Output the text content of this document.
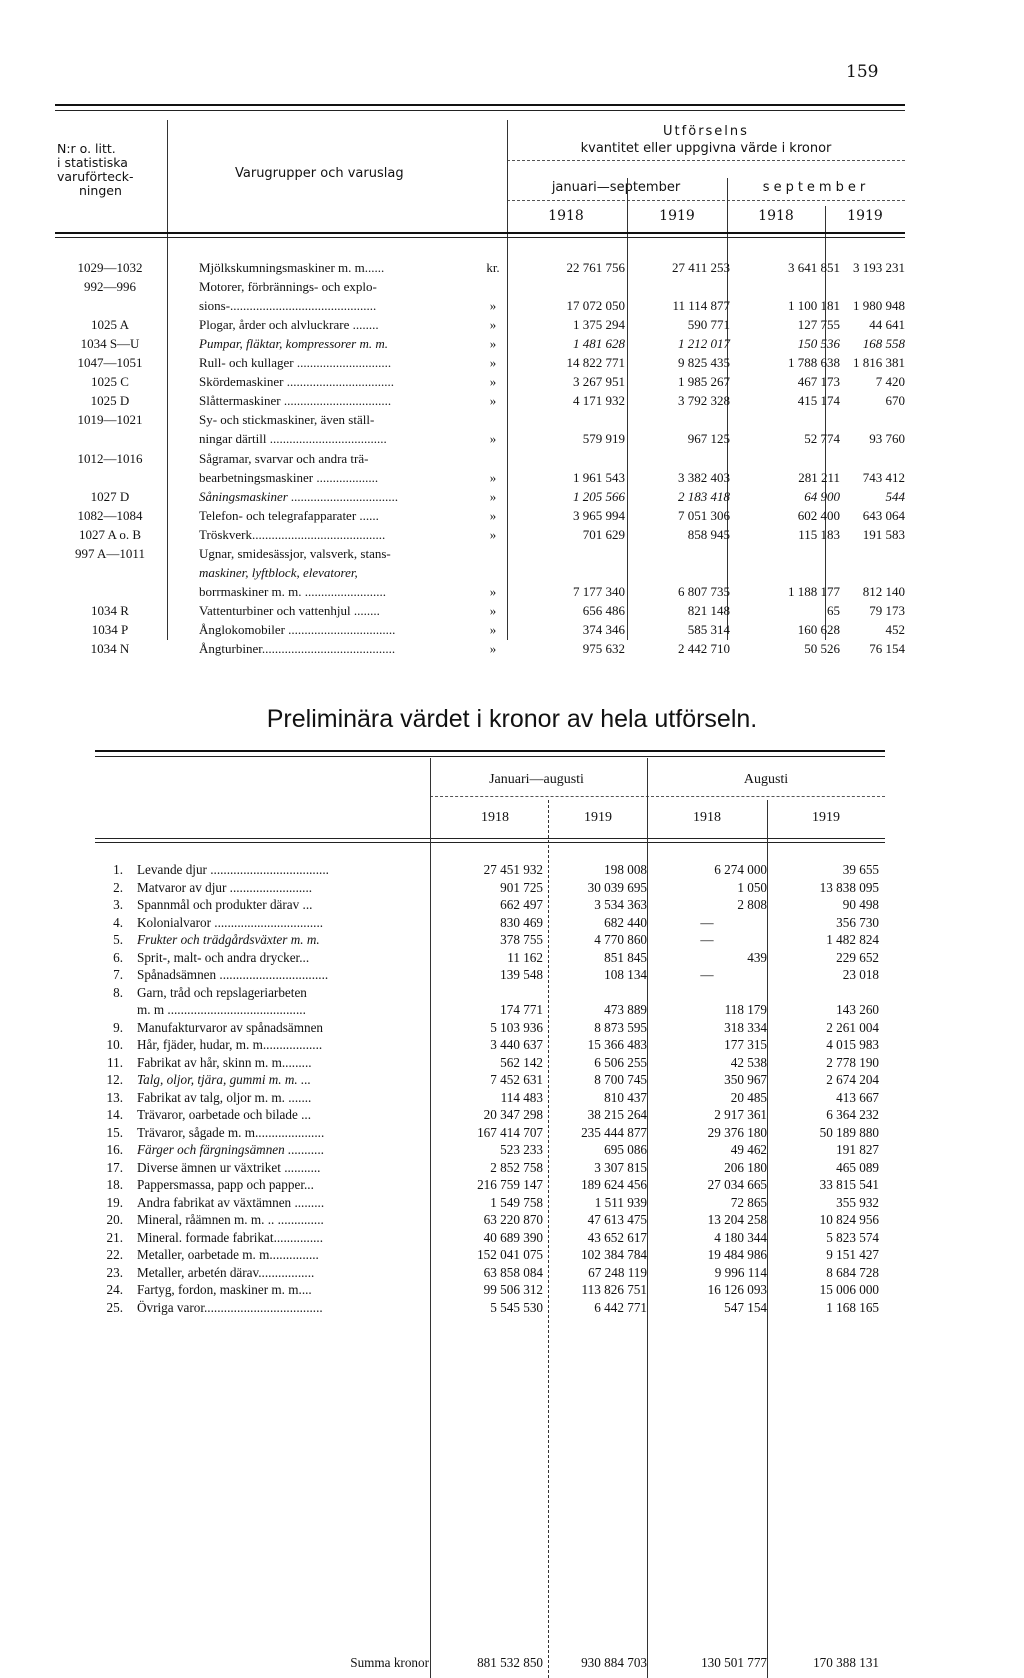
159
N:r o. litt.
i statistiska
varuförteck-
ningen
Varugrupper och varuslag
Utförselns
kvantitet eller uppgivna värde i kronor
januari—september	september
1918	1919	1918	1919
1029—1032	Mjölkskumningsmaskiner m. m......	kr.	22 761 756	27 411 253	3 641 851	3 193 231
992—996	Motorer, förbrännings- och explo-
sions-.............................................	»	17 072 050	11 114 877	1 100 181	1 980 948
1025 A	Plogar, årder och alvluckrare ........	»	1 375 294	590 771	127 755	44 641
1034 S—U	Pumpar, fläktar, kompressorer m. m.	»	1 481 628	1 212 017	150 536	168 558
1047—1051	Rull- och kullager .............................	»	14 822 771	9 825 435	1 788 638	1 816 381
1025 C	Skördemaskiner .................................	»	3 267 951	1 985 267	467 173	7 420
1025 D	Slåttermaskiner .................................	»	4 171 932	3 792 328	415 174	670
1019—1021	Sy- och stickmaskiner, även ställ-
ningar därtill ....................................	»	579 919	967 125	52 774	93 760
1012—1016	Sågramar, svarvar och andra trä-
bearbetningsmaskiner ...................	»	1 961 543	3 382 403	281 211	743 412
1027 D	Såningsmaskiner .................................	»	1 205 566	2 183 418	64 900	544
1082—1084	Telefon- och telegrafapparater ......	»	3 965 994	7 051 306	602 400	643 064
1027 A o. B	Tröskverk.........................................	»	701 629	858 945	115 183	191 583
997 A—1011	Ugnar, smidesässjor, valsverk, stans-
maskiner, lyftblock, elevatorer,
borrmaskiner m. m. .........................	»	7 177 340	6 807 735	1 188 177	812 140
1034 R	Vattenturbiner och vattenhjul ........	»	656 486	821 148	65	79 173
1034 P	Ånglokomobiler .................................	»	374 346	585 314	160 628	452
1034 N	Ångturbiner.........................................	»	975 632	2 442 710	50 526	76 154
Preliminära värdet i kronor av hela utförseln.
Januari—augusti	Augusti
1918	1919	1918	1919
1. Levande djur ....................................	27 451 932	198 008	6 274 000	39 655
2. Matvaror av djur .........................	901 725	30 039 695	1 050	13 838 095
3. Spannmål och produkter därav ...	662 497	3 534 363	2 808	90 498
4. Kolonialvaror .................................	830 469	682 440	—	356 730
5. Frukter och trädgårdsväxter m. m.	378 755	4 770 860	—	1 482 824
6. Sprit-, malt- och andra drycker...	11 162	851 845	439	229 652
7. Spånadsämnen .................................	139 548	108 134	—	23 018
8. Garn, tråd och repslageriarbeten
m. m ..........................................	174 771	473 889	118 179	143 260
9. Manufakturvaror av spånadsämnen	5 103 936	8 873 595	318 334	2 261 004
10. Hår, fjäder, hudar, m. m..................	3 440 637	15 366 483	177 315	4 015 983
11. Fabrikat av hår, skinn m. m.........	562 142	6 506 255	42 538	2 778 190
12. Talg, oljor, tjära, gummi m. m. ...	7 452 631	8 700 745	350 967	2 674 204
13. Fabrikat av talg, oljor m. m. .......	114 483	810 437	20 485	413 667
14. Trävaror, oarbetade och bilade ...	20 347 298	38 215 264	2 917 361	6 364 232
15. Trävaror, sågade m. m.....................	167 414 707	235 444 877	29 376 180	50 189 880
16. Färger och färgningsämnen ...........	523 233	695 086	49 462	191 827
17. Diverse ämnen ur växtriket ...........	2 852 758	3 307 815	206 180	465 089
18. Pappersmassa, papp och papper...	216 759 147	189 624 456	27 034 665	33 815 541
19. Andra fabrikat av växtämnen .........	1 549 758	1 511 939	72 865	355 932
20. Mineral, råämnen m. m. .. ..............	63 220 870	47 613 475	13 204 258	10 824 956
21. Mineral. formade fabrikat...............	40 689 390	43 652 617	4 180 344	5 823 574
22. Metaller, oarbetade m. m...............	152 041 075	102 384 784	19 484 986	9 151 427
23. Metaller, arbetén därav.................	63 858 084	67 248 119	9 996 114	8 684 728
24. Fartyg, fordon, maskiner m. m....	99 506 312	113 826 751	16 126 093	15 006 000
25. Övriga varor....................................	5 545 530	6 442 771	547 154	1 168 165
Summa kronor	881 532 850	930 884 703	130 501 777	170 388 131
